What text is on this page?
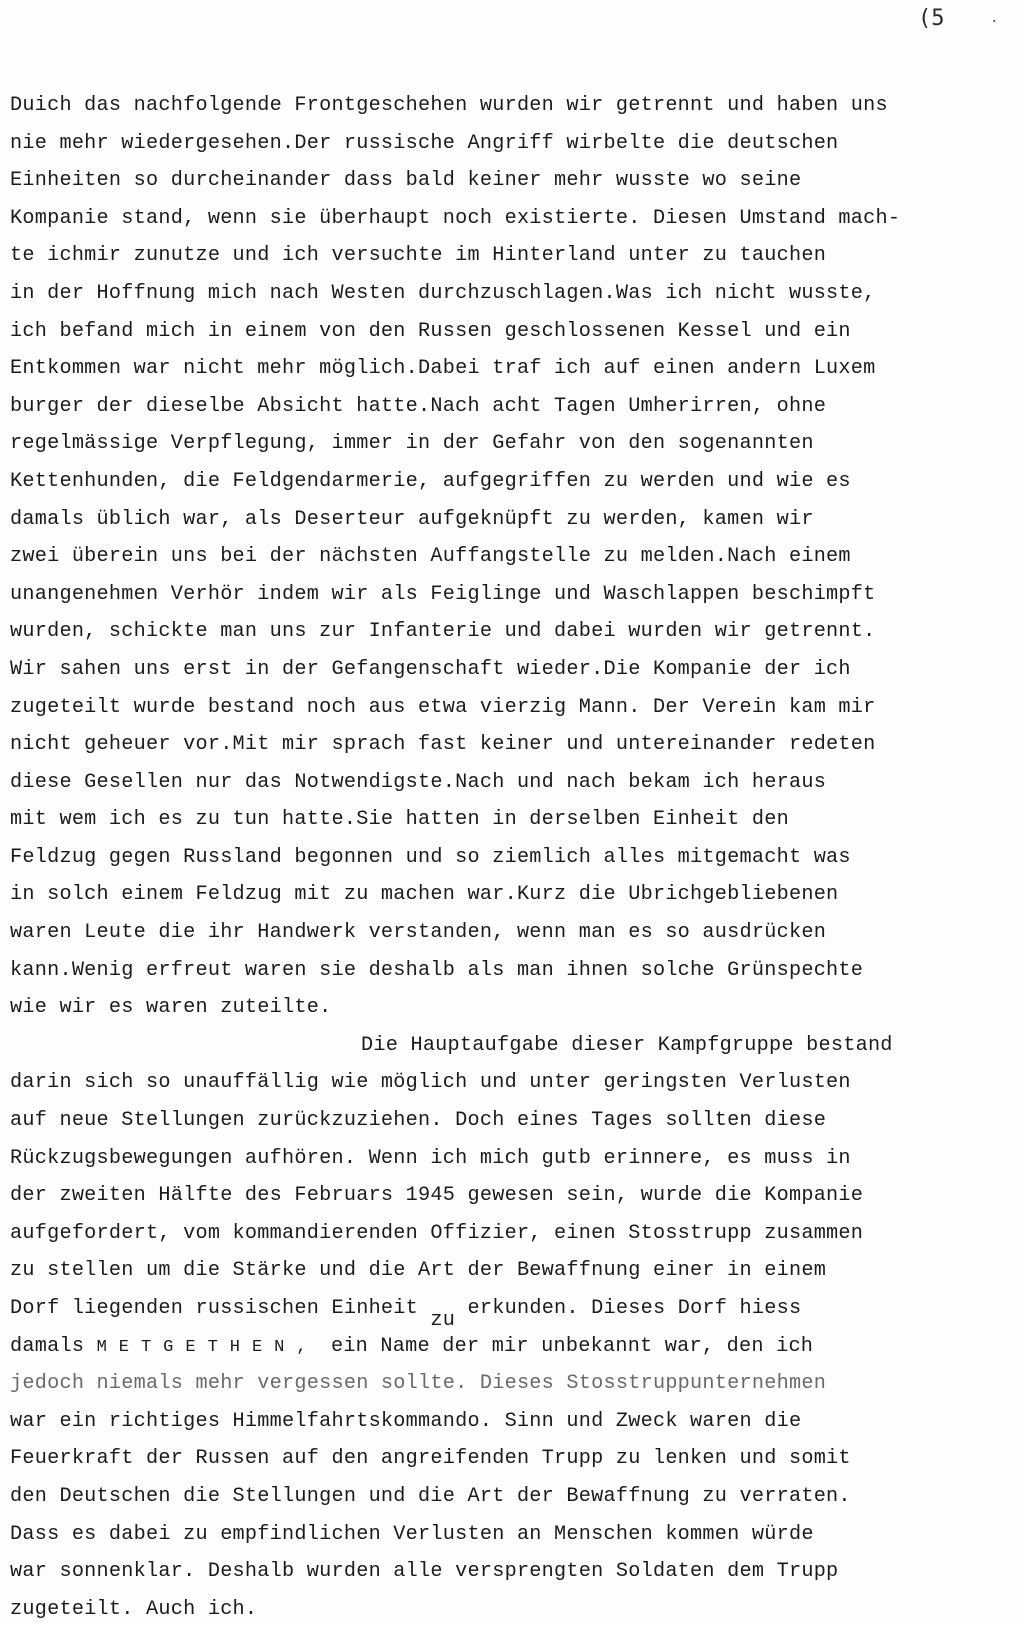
(5	.
Duich das nachfolgende Frontgeschehen wurden wir getrennt und haben uns
nie mehr wiedergesehen.Der russische Angriff wirbelte die deutschen
Einheiten so durcheinander dass bald keiner mehr wusste wo seine
Kompanie stand, wenn sie überhaupt noch existierte. Diesen Umstand mach-
te ichmir zunutze und ich versuchte im Hinterland unter zu tauchen
in der Hoffnung mich nach Westen durchzuschlagen.Was ich nicht wusste,
ich befand mich in einem von den Russen geschlossenen Kessel und ein
Entkommen war nicht mehr möglich.Dabei traf ich auf einen andern Luxem
burger der dieselbe Absicht hatte.Nach acht Tagen Umherirren, ohne
regelmässige Verpflegung, immer in der Gefahr von den sogenannten
Kettenhunden, die Feldgendarmerie, aufgegriffen zu werden und wie es
damals üblich war, als Deserteur aufgeknüpft zu werden, kamen wir
zwei überein uns bei der nächsten Auffangstelle zu melden.Nach einem
unangenehmen Verhör indem wir als Feiglinge und Waschlappen beschimpft
wurden, schickte man uns zur Infanterie und dabei wurden wir getrennt.
Wir sahen uns erst in der Gefangenschaft wieder.Die Kompanie der ich
zugeteilt wurde bestand noch aus etwa vierzig Mann. Der Verein kam mir
nicht geheuer vor.Mit mir sprach fast keiner und untereinander redeten
diese Gesellen nur das Notwendigste.Nach und nach bekam ich heraus
mit wem ich es zu tun hatte.Sie hatten in derselben Einheit den
Feldzug gegen Russland begonnen und so ziemlich alles mitgemacht was
in solch einem Feldzug mit zu machen war.Kurz die Ubrichgebliebenen
waren Leute die ihr Handwerk verstanden, wenn man es so ausdrücken
kann.Wenig erfreut waren sie deshalb als man ihnen solche Grünspechte
wie wir es waren zuteilte.
Die Hauptaufgabe dieser Kampfgruppe bestand
darin sich so unauffällig wie möglich und unter geringsten Verlusten
auf neue Stellungen zurückzuziehen. Doch eines Tages sollten diese
Rückzugsbewegungen aufhören. Wenn ich mich gutb erinnere, es muss in
der zweiten Hälfte des Februars 1945 gewesen sein, wurde die Kompanie
aufgefordert, vom kommandierenden Offizier, einen Stosstrupp zusammen
zu stellen um die Stärke und die Art der Bewaffnung einer in einem
Dorf liegenden russischen Einheit zu erkunden. Dieses Dorf hiess
damals METGETHEN, ein Name der mir unbekannt war, den ich
jedoch niemals mehr vergessen sollte. Dieses Stosstruppunternehmen
war ein richtiges Himmelfahrtskommando. Sinn und Zweck waren die
Feuerkraft der Russen auf den angreifenden Trupp zu lenken und somit
den Deutschen die Stellungen und die Art der Bewaffnung zu verraten.
Dass es dabei zu empfindlichen Verlusten an Menschen kommen würde
war sonnenklar. Deshalb wurden alle versprengten Soldaten dem Trupp
zugeteilt. Auch ich.
